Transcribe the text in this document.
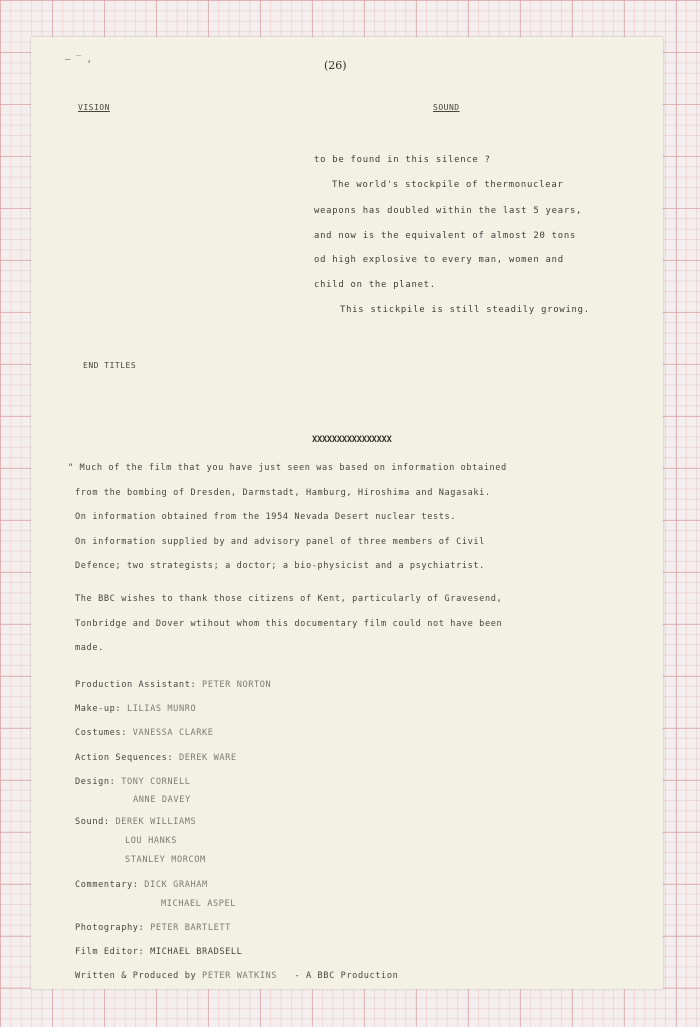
— ‾ ,	(26)

VISION	SOUND

to be found in this silence ?

The world's stockpile of thermonuclear

weapons has doubled within the last 5 years,

and now is the equivalent of almost 20 tons

od high explosive to every man, women and

child on the planet.

This stickpile is still steadily growing.

END TITLES

XXXXXXXXXXXXXXXX

" Much of the film that you have just seen was based on information obtained

from the bombing of Dresden, Darmstadt, Hamburg, Hiroshima and Nagasaki.

On information obtained from the 1954 Nevada Desert nuclear tests.

On information supplied by and advisory panel of three members of Civil

Defence; two strategists; a doctor; a bio-physicist and a psychiatrist.

The BBC wishes to thank those citizens of Kent, particularly of Gravesend,

Tonbridge and Dover wtihout whom this documentary film could not have been

made.

Production Assistant: PETER NORTON

Make-up: LILIAS MUNRO

Costumes: VANESSA CLARKE

Action Sequences: DEREK WARE

Design: TONY CORNELL

ANNE DAVEY

Sound: DEREK WILLIAMS

LOU HANKS

STANLEY MORCOM

Commentary: DICK GRAHAM

MICHAEL ASPEL

Photography: PETER BARTLETT

Film Editor: MICHAEL BRADSELL

Written & Produced by PETER WATKINS - A BBC Production
